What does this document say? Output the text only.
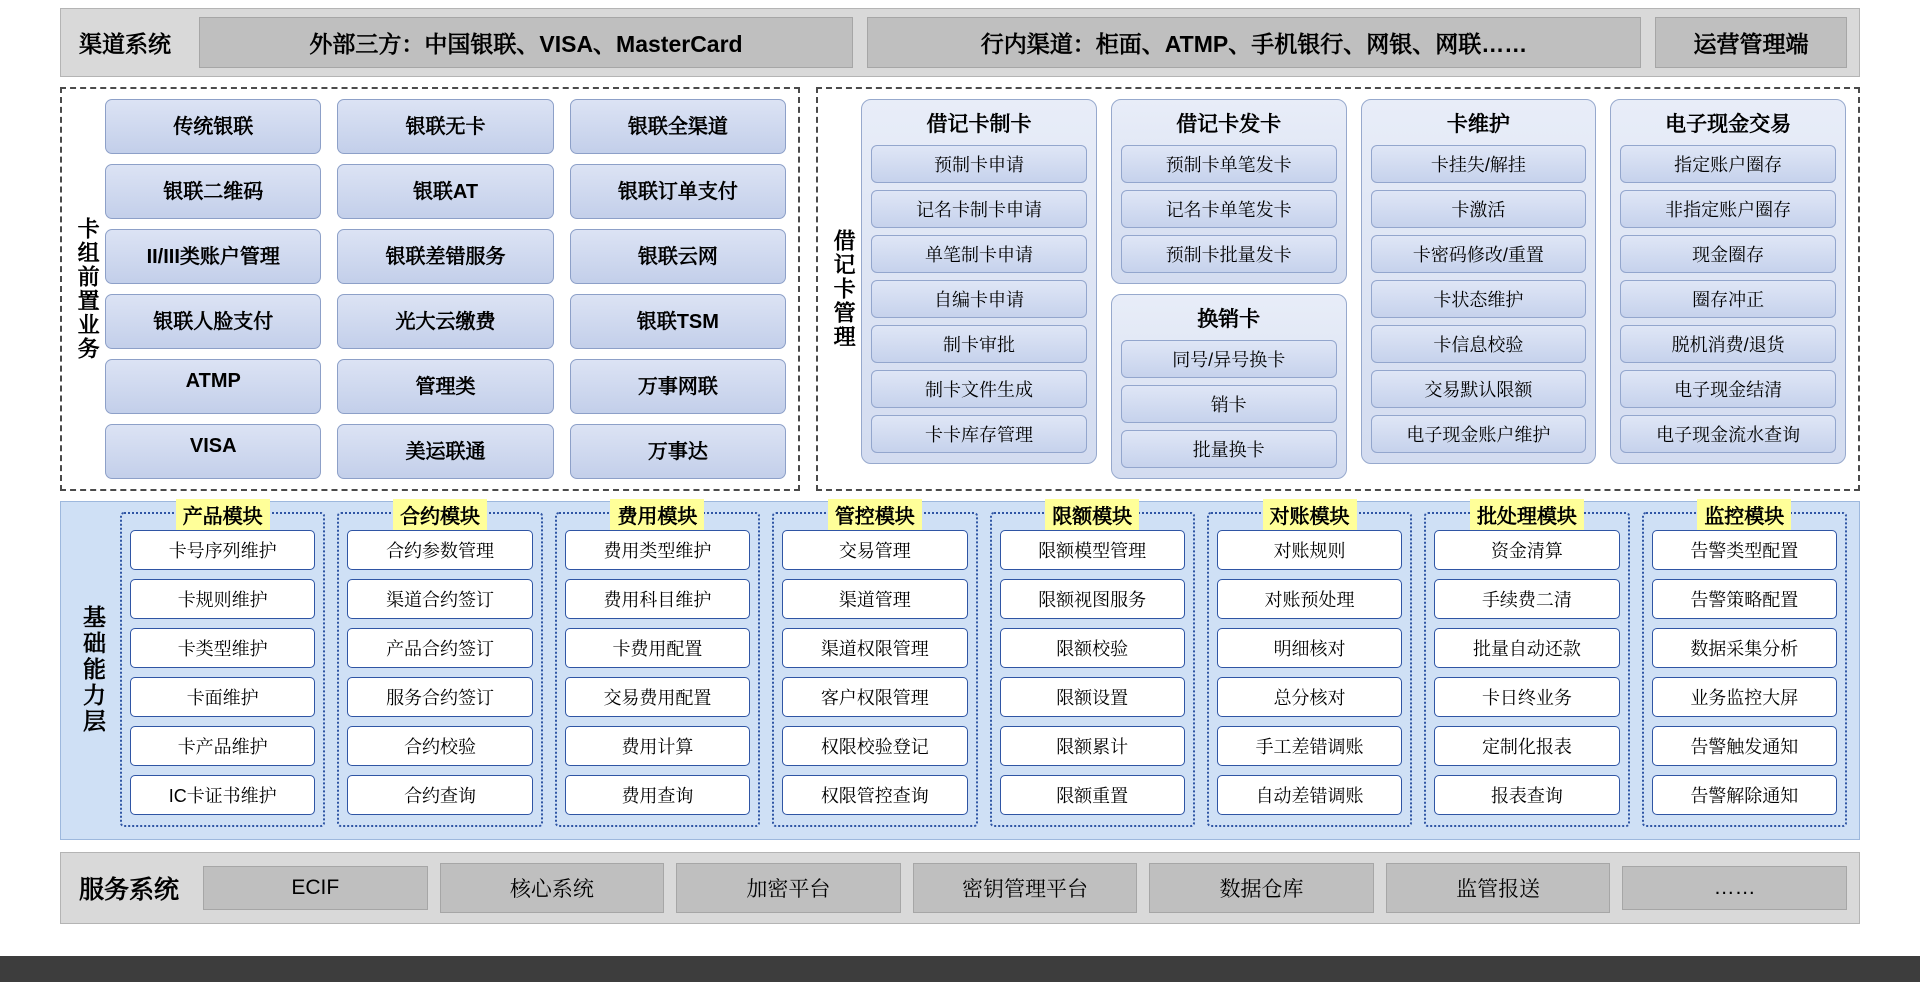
渠道系统	外部三方：中国银联、VISA、MasterCard	行内渠道：柜面、ATMP、手机银行、网银、网联……	运营管理端
卡组前置业务
传统银联	银联无卡	银联全渠道
银联二维码	银联AT	银联订单支付
II/III类账户管理	银联差错服务	银联云网
银联人脸支付	光大云缴费	银联TSM
ATMP	管理类	万事网联
VISA	美运联通	万事达
借记卡管理
借记卡制卡
预制卡申请
记名卡制卡申请
单笔制卡申请
自编卡申请
制卡审批
制卡文件生成
卡卡库存管理
借记卡发卡
预制卡单笔发卡
记名卡单笔发卡
预制卡批量发卡
换销卡
同号/异号换卡
销卡
批量换卡
卡维护
卡挂失/解挂
卡激活
卡密码修改/重置
卡状态维护
卡信息校验
交易默认限额
电子现金账户维护
电子现金交易
指定账户圈存
非指定账户圈存
现金圈存
圈存冲正
脱机消费/退货
电子现金结清
电子现金流水查询
基础能力层
产品模块
卡号序列维护
卡规则维护
卡类型维护
卡面维护
卡产品维护
IC卡证书维护
合约模块
合约参数管理
渠道合约签订
产品合约签订
服务合约签订
合约校验
合约查询
费用模块
费用类型维护
费用科目维护
卡费用配置
交易费用配置
费用计算
费用查询
管控模块
交易管理
渠道管理
渠道权限管理
客户权限管理
权限校验登记
权限管控查询
限额模块
限额模型管理
限额视图服务
限额校验
限额设置
限额累计
限额重置
对账模块
对账规则
对账预处理
明细核对
总分核对
手工差错调账
自动差错调账
批处理模块
资金清算
手续费二清
批量自动还款
卡日终业务
定制化报表
报表查询
监控模块
告警类型配置
告警策略配置
数据采集分析
业务监控大屏
告警触发通知
告警解除通知
服务系统	ECIF	核心系统	加密平台	密钥管理平台	数据仓库	监管报送	……
